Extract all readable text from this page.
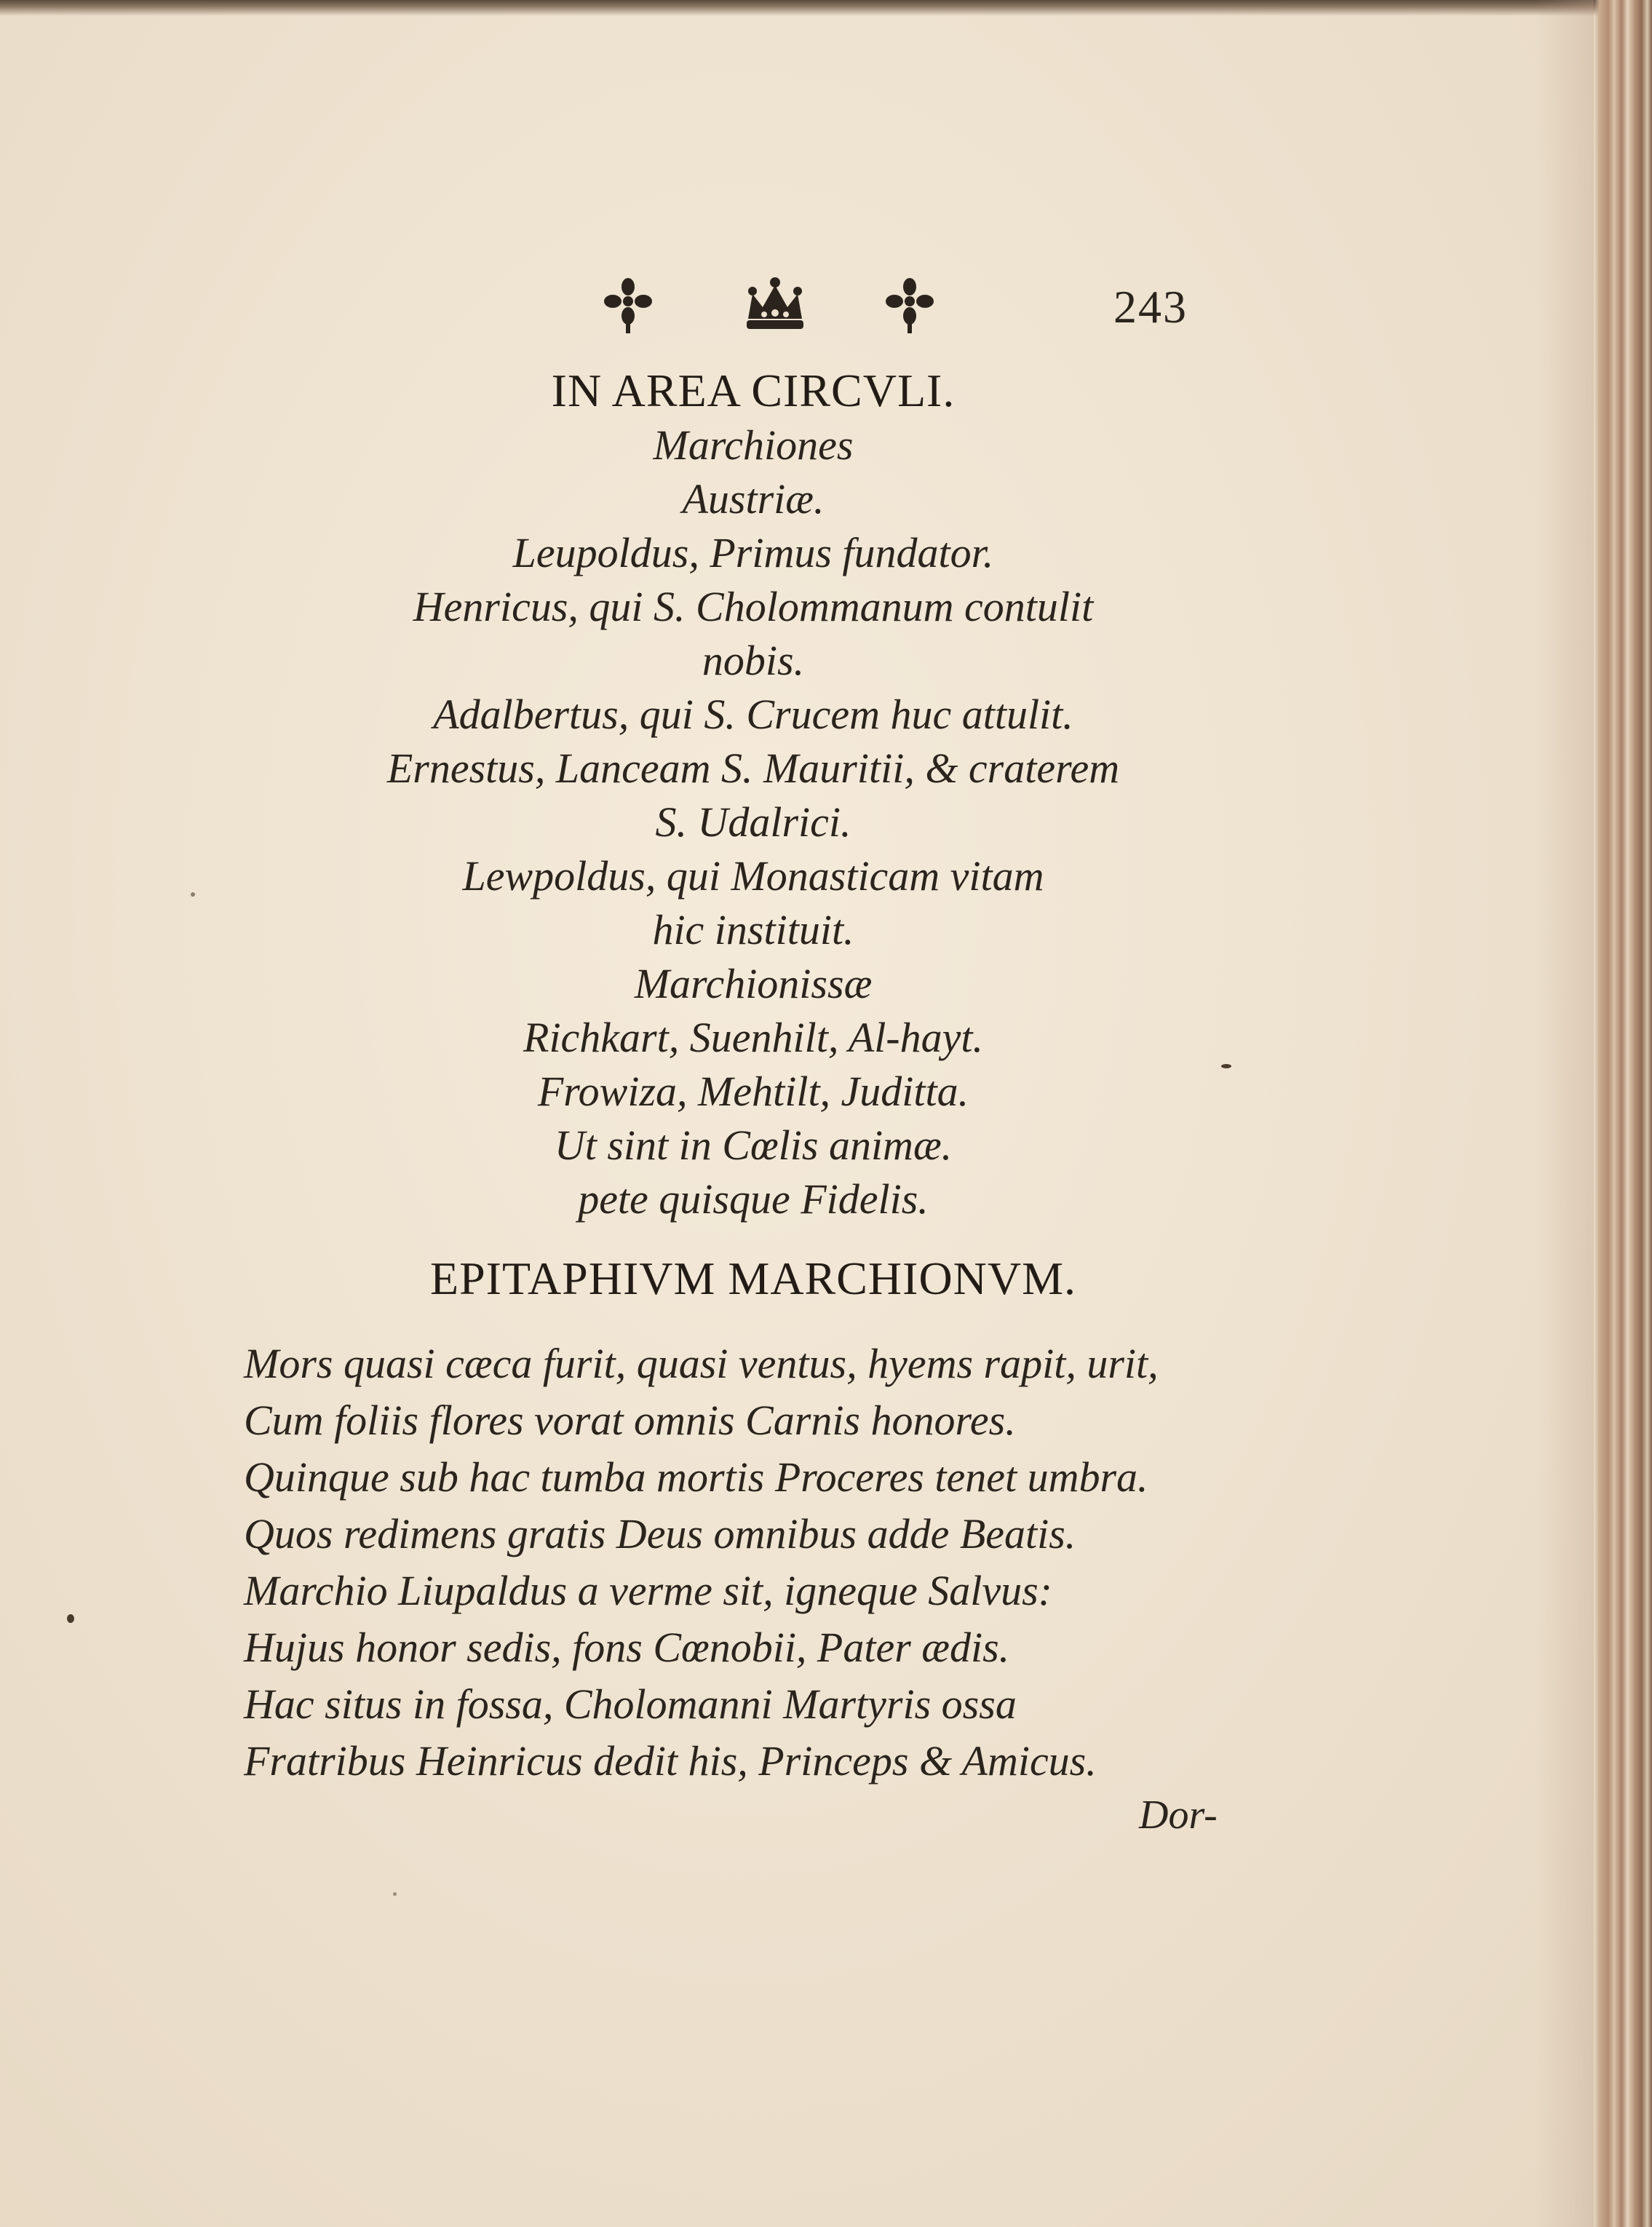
243
IN AREA CIRCVLI.
Marchiones
Austriæ.
Leupoldus, Primus fundator.
Henricus, qui S. Cholommanum contulit
nobis.
Adalbertus, qui S. Crucem huc attulit.
Ernestus, Lanceam S. Mauritii, & craterem
S. Udalrici.
Lewpoldus, qui Monasticam vitam
hic instituit.
Marchionissæ
Richkart, Suenhilt, Al-hayt.
Frowiza, Mehtilt, Juditta.
Ut sint in Cœlis animæ.
pete quisque Fidelis.
EPITAPHIVM MARCHIONVM.
Mors quasi cæca furit, quasi ventus, hyems rapit, urit,
Cum foliis flores vorat omnis Carnis honores.
Quinque sub hac tumba mortis Proceres tenet umbra.
Quos redimens gratis Deus omnibus adde Beatis.
Marchio Liupaldus a verme sit, igneque Salvus:
Hujus honor sedis, fons Cœnobii, Pater ædis.
Hac situs in fossa, Cholomanni Martyris ossa
Fratribus Heinricus dedit his, Princeps & Amicus.
Dor-
